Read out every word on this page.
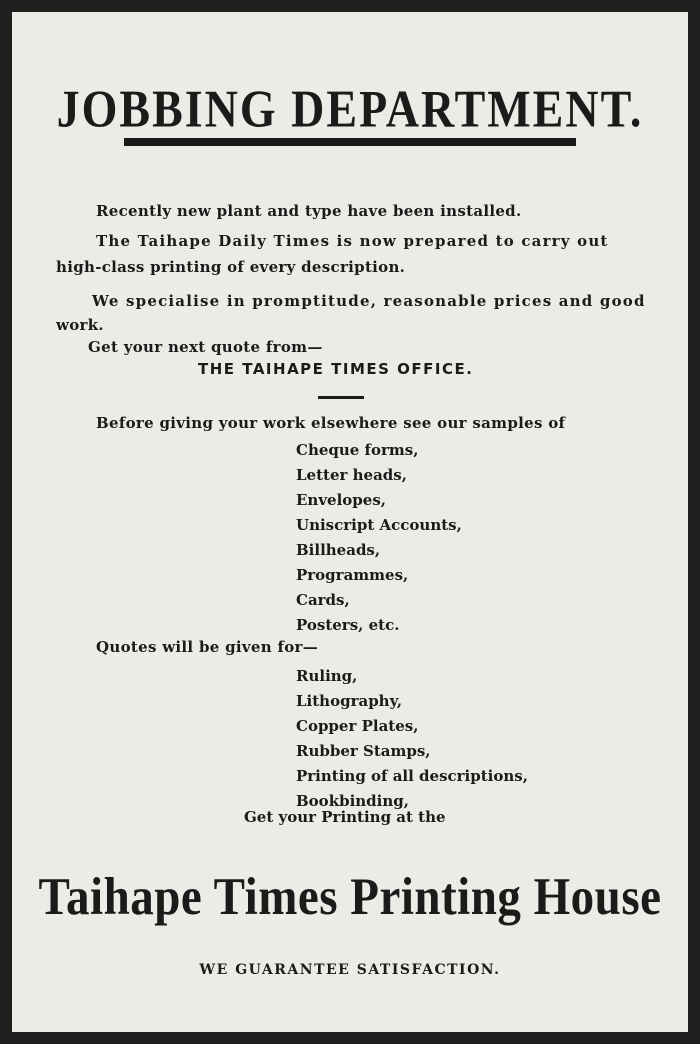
JOBBING DEPARTMENT.
Recently new plant and type have been installed.
The Taihape Daily Times is now prepared to carry out
high-class printing of every description.
We specialise in promptitude, reasonable prices and good
work.
Get your next quote from—
THE TAIHAPE TIMES OFFICE.
Before giving your work elsewhere see our samples of
Cheque forms,
Letter heads,
Envelopes,
Uniscript Accounts,
Billheads,
Programmes,
Cards,
Posters, etc.
Quotes will be given for—
Ruling,
Lithography,
Copper Plates,
Rubber Stamps,
Printing of all descriptions,
Bookbinding,
Get your Printing at the
Taihape Times Printing House
WE GUARANTEE SATISFACTION.
